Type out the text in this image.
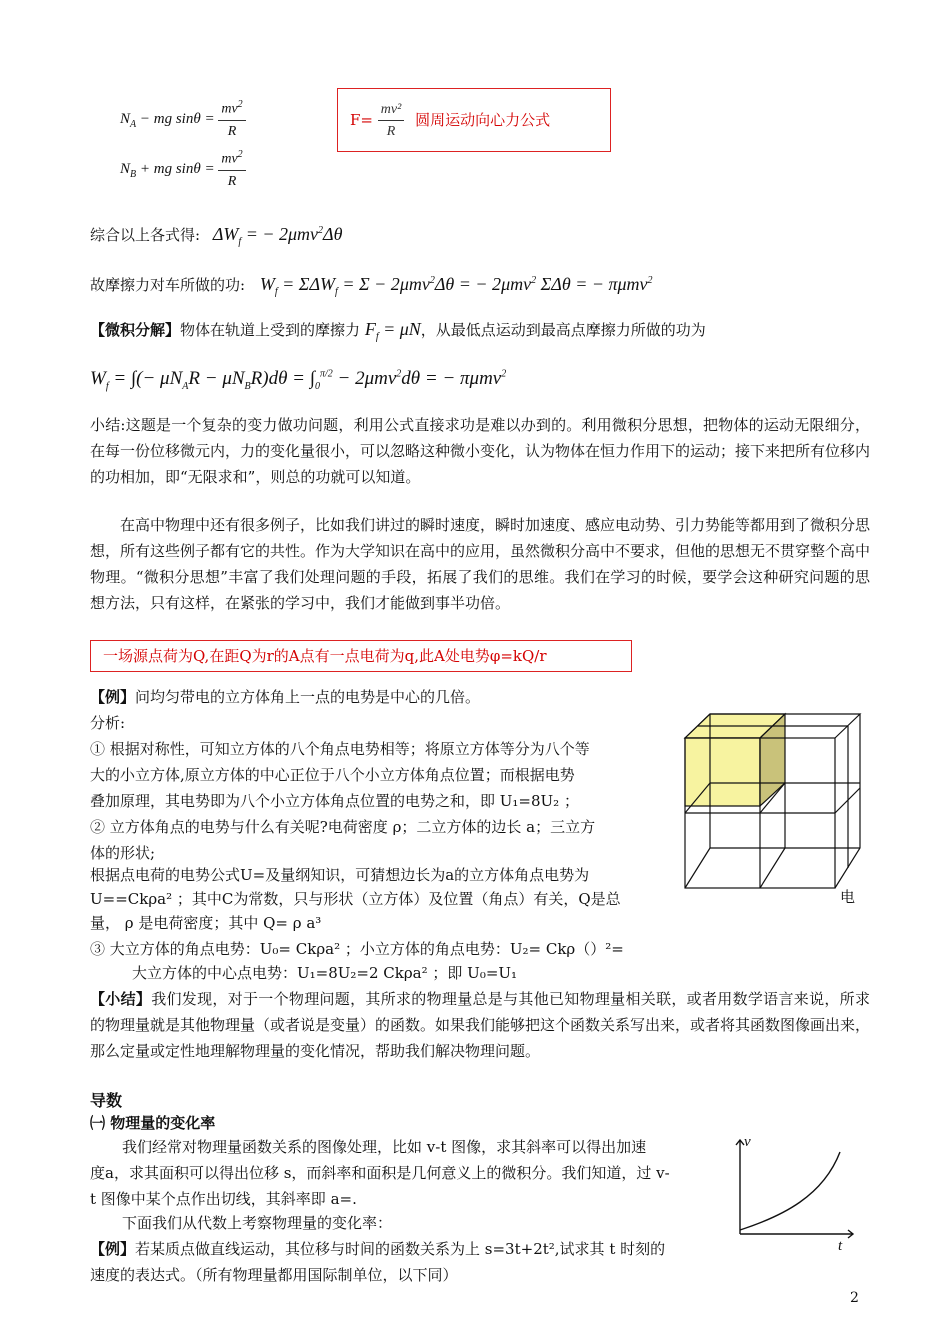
$N_A$ − mg $\sin\theta = \frac{mv^2}{R}$
$N_B$ + mg $\sin\theta = \frac{mv^2}{R}$
$F= \frac{\text{mv²}}{R}$ 圆周运动向心力公式
综合以上各式得: $\Delta W_f$ = − 2μmv$^2$Δθ
故摩擦力对车所做的功: $W_f = \Sigma\Delta W_f = \Sigma - 2\mu mv^2\Delta\theta$ = − 2μmv$^2$ ΣΔθ = − πμmv$^2$
【微积分解】物体在轨道上受到的摩擦力 $F_f = \mu N$，从最低点运动到最高点摩擦力所做的功为
$W_f$ = ∫(− $\mu N_AR - \mu N_BR)d\theta = \int_0^{\pi/2} - 2\mu mv^2d\theta$ = − πμmv$^2$
小结:这题是一个复杂的变力做功问题，利用公式直接求功是难以办到的。利用微积分思想，把物体的运动无限细分，在每一份位移微元内，力的变化量很小，可以忽略这种微小变化，认为物体在恒力作用下的运动；接下来把所有位移内的功相加，即“无限求和”，则总的功就可以知道。
在高中物理中还有很多例子，比如我们讲过的瞬时速度，瞬时加速度、感应电动势、引力势能等都用到了微积分思想，所有这些例子都有它的共性。作为大学知识在高中的应用，虽然微积分高中不要求，但他的思想无不贯穿整个高中物理。“微积分思想”丰富了我们处理问题的手段，拓展了我们的思维。我们在学习的时候，要学会这种研究问题的思想方法，只有这样，在紧张的学习中，我们才能做到事半功倍。
一场源点荷为Q,在距Q为r的A点有一点电荷为q,此A处电势φ=kQ/r
【例】问均匀带电的立方体角上一点的电势是中心的几倍。
分析:
① 根据对称性，可知立方体的八个角点电势相等；将原立方体等分为八个等
大的小立方体,原立方体的中心正位于八个小立方体角点位置；而根据电势
叠加原理，其电势即为八个小立方体角点位置的电势之和，即 U₁=8U₂ ；
② 立方体角点的电势与什么有关呢?电荷密度 ρ；二立方体的边长 a；三立方
体的形状;
根据点电荷的电势公式U=及量纲知识，可猜想边长为a的立方体角点电势为
U==Ckρa² ；其中C为常数，只与形状（立方体）及位置（角点）有关，Q是总
量， ρ 是电荷密度；其中 Q= ρ a³
电
③ 大立方体的角点电势：U₀= Ckρa² ；小立方体的角点电势：U₂= Ckρ（）²=
大立方体的中心点电势：U₁=8U₂=2 Ckρa² ；即 U₀=U₁
【小结】我们发现，对于一个物理问题，其所求的物理量总是与其他已知物理量相关联，或者用数学语言来说，所求的物理量就是其他物理量（或者说是变量）的函数。如果我们能够把这个函数关系写出来，或者将其函数图像画出来，那么定量或定性地理解物理量的变化情况，帮助我们解决物理问题。
导数
㈠ 物理量的变化率
我们经常对物理量函数关系的图像处理，比如 v-t 图像，求其斜率可以得出加速
度a，求其面积可以得出位移 s，而斜率和面积是几何意义上的微积分。我们知道，过 v-
t 图像中某个点作出切线，其斜率即 a=.
下面我们从代数上考察物理量的变化率：
【例】若某质点做直线运动，其位移与时间的函数关系为上 s=3t+2t²,试求其 t 时刻的
速度的表达式。（所有物理量都用国际制单位，以下同）
v
t
2
